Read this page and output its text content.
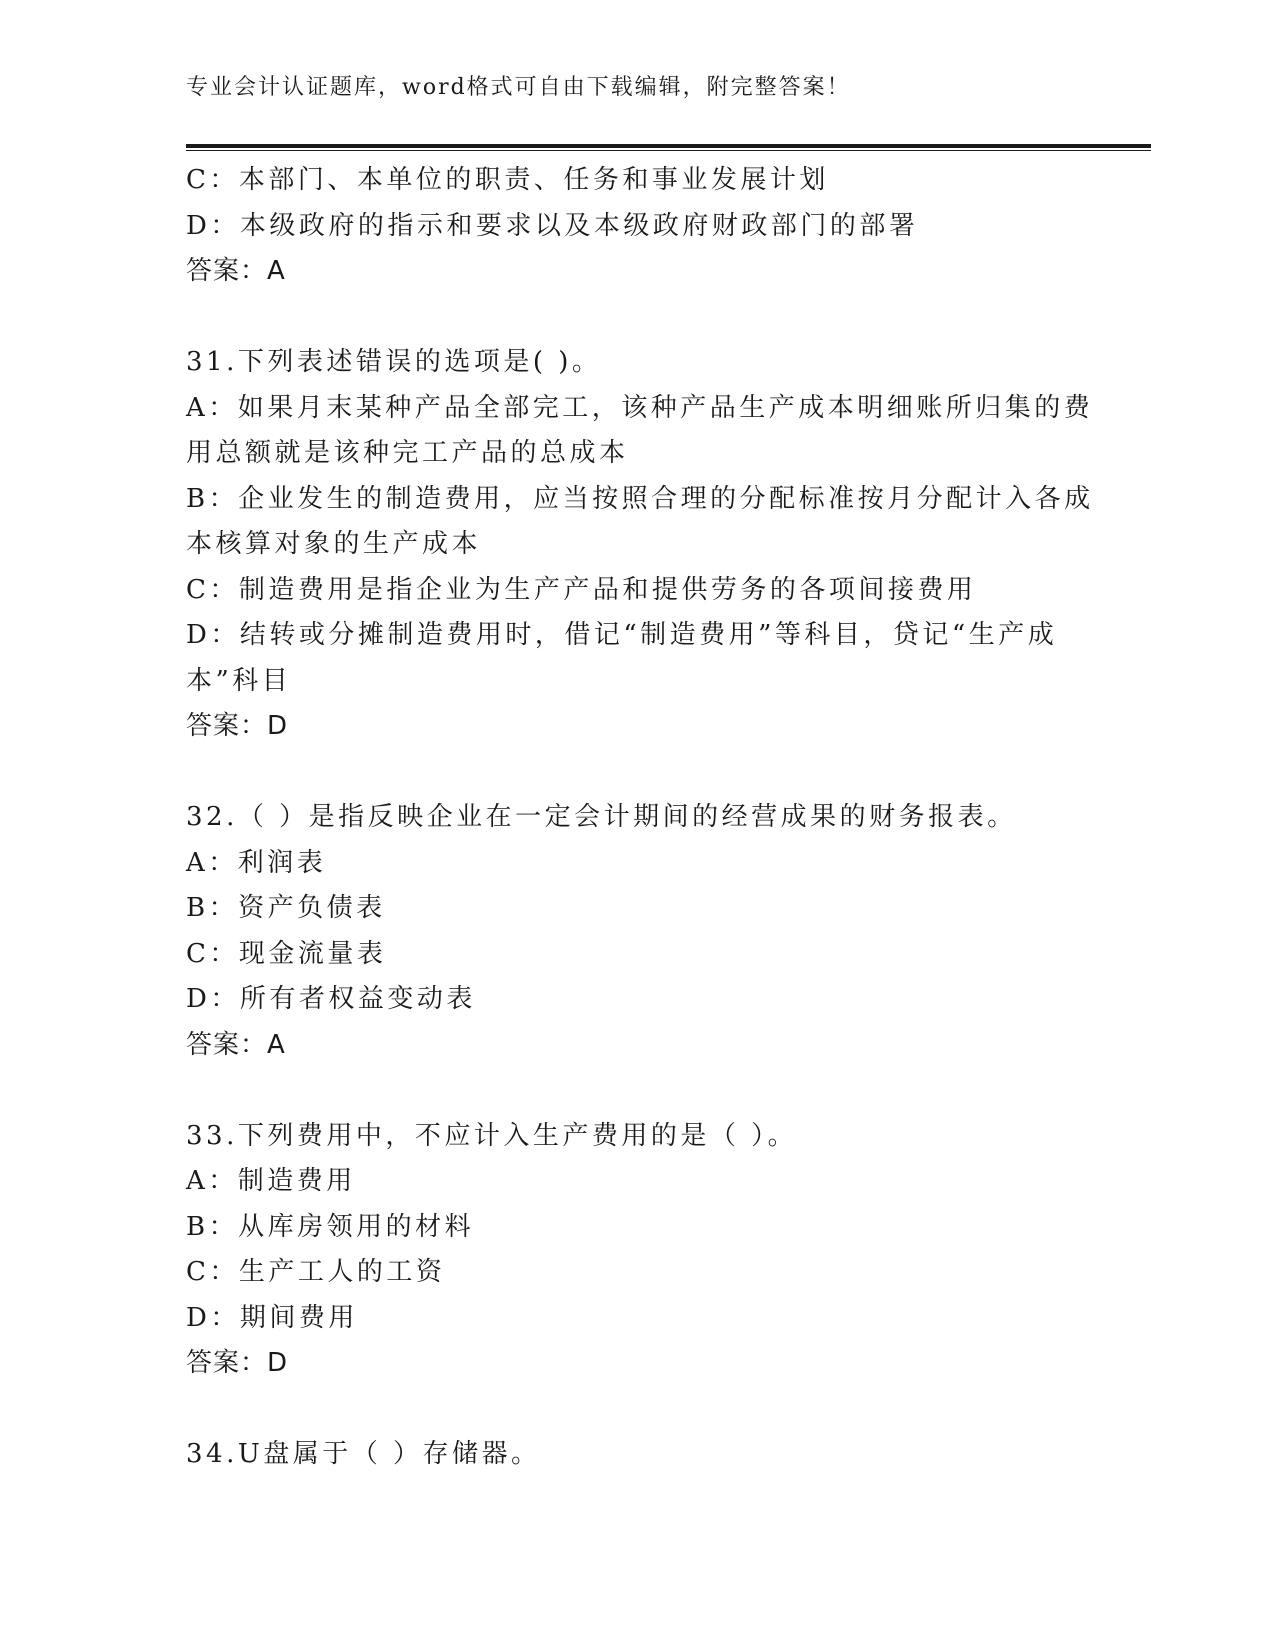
专业会计认证题库，word格式可自由下载编辑，附完整答案！
C：本部门、本单位的职责、任务和事业发展计划
D：本级政府的指示和要求以及本级政府财政部门的部署
答案：A
31.下列表述错误的选项是( )。
A：如果月末某种产品全部完工，该种产品生产成本明细账所归集的费
用总额就是该种完工产品的总成本
B：企业发生的制造费用，应当按照合理的分配标准按月分配计入各成
本核算对象的生产成本
C：制造费用是指企业为生产产品和提供劳务的各项间接费用
D：结转或分摊制造费用时，借记“制造费用”等科目，贷记“生产成
本”科目
答案：D
32.（ ）是指反映企业在一定会计期间的经营成果的财务报表。
A：利润表
B：资产负债表
C：现金流量表
D：所有者权益变动表
答案：A
33.下列费用中，不应计入生产费用的是（ ）。
A：制造费用
B：从库房领用的材料
C：生产工人的工资
D：期间费用
答案：D
34.U盘属于（ ）存储器。
